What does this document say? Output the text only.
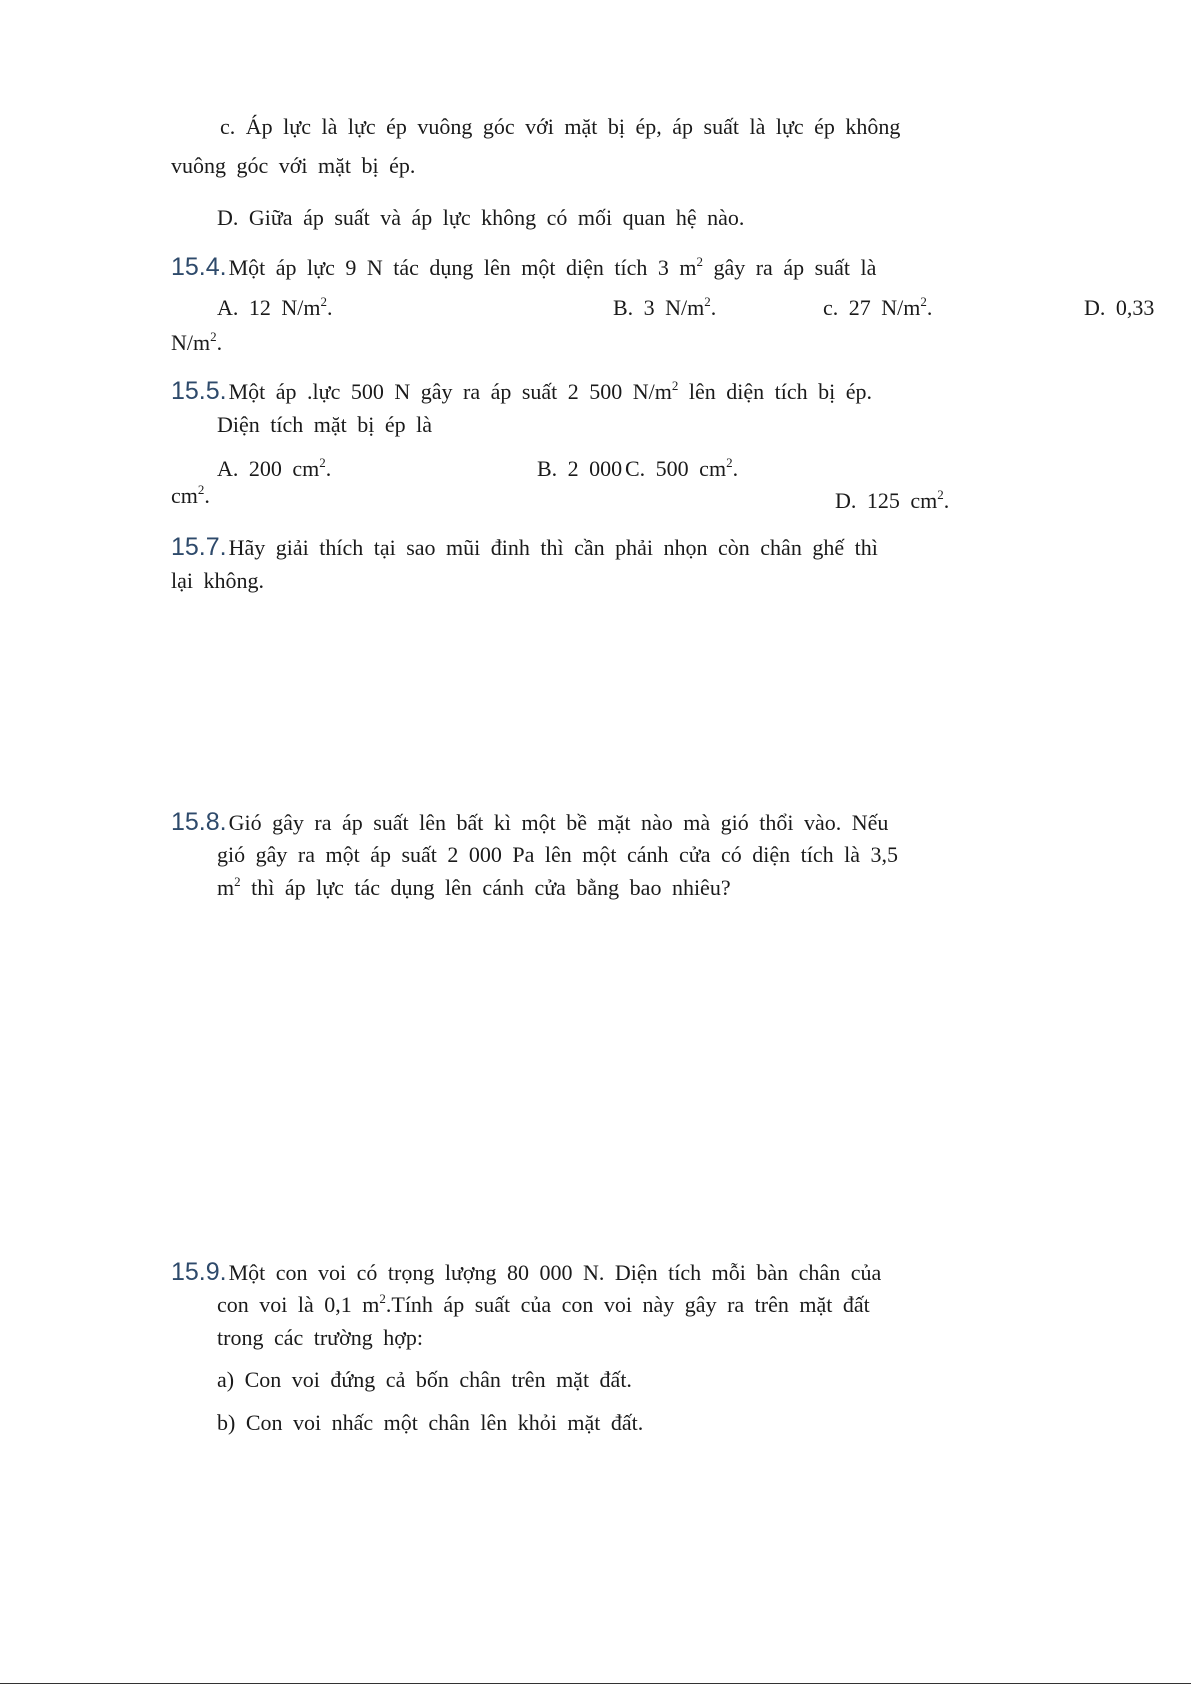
c. Áp lực là lực ép vuông góc với mặt bị ép, áp suất là lực ép không
vuông góc với mặt bị ép.
D. Giữa áp suất và áp lực không có mối quan hệ nào.
15.4.Một áp lực 9 N tác dụng lên một diện tích 3 $m^2$ gây ra áp suất là
A. 12 $N/m^2$.	B. 3 $N/m^2$.	c. 27 $N/m^2$.	D. 0,33
$N/m^2$.
15.5.Một áp .lực 500 N gây ra áp suất 2 500 $N/m^2$ lên diện tích bị ép.
Diện tích mặt bị ép là
A. 200 $cm^2$.	B. 2 000 C. 500 $cm^2$.
$cm^2$.	D. 125 $cm^2$.
15.7.Hãy giải thích tại sao mũi đinh thì cần phải nhọn còn chân ghế thì
lại không.
15.8.Gió gây ra áp suất lên bất kì một bề mặt nào mà gió thổi vào. Nếu
gió gây ra một áp suất 2 000 Pa lên một cánh cửa có diện tích là 3,5
$m^2$ thì áp lực tác dụng lên cánh cửa bằng bao nhiêu?
15.9.Một con voi có trọng lượng 80 000 N. Diện tích mỗi bàn chân của
con voi là 0,1 $m^2.Tính$ áp suất của con voi này gây ra trên mặt đất
trong các trường hợp:
a) Con voi đứng cả bốn chân trên mặt đất.
b) Con voi nhấc một chân lên khỏi mặt đất.
